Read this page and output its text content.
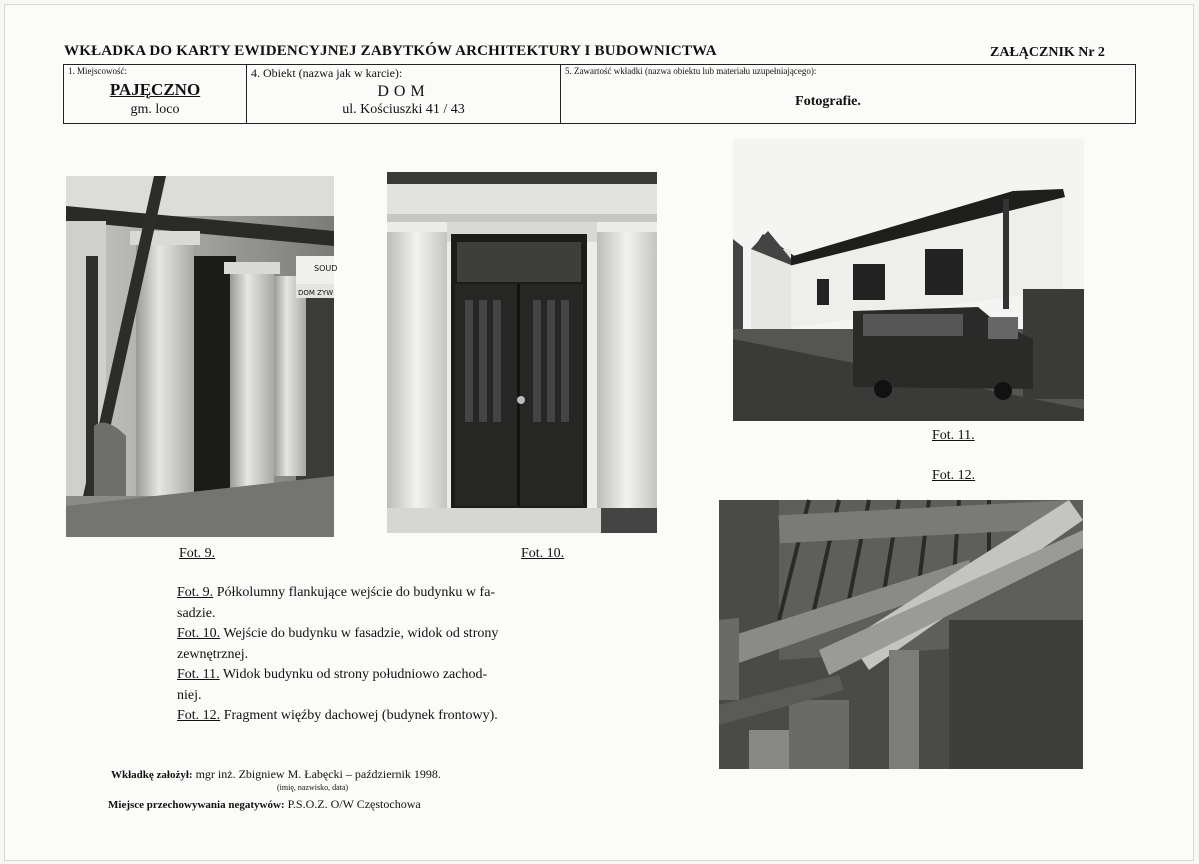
WKŁADKA DO KARTY EWIDENCYJNEJ ZABYTKÓW ARCHITEKTURY I BUDOWNICTWA	ZAŁĄCZNIK Nr 2
1. Miejscowość:
PAJĘCZNO
gm. loco

4. Obiekt (nazwa jak w karcie):
DOM
ul. Kościuszki 41 / 43

5. Zawartość wkładki (nazwa obiektu lub materiału uzupełniającego):
Fotografie.
SOUD
DOM ZYW
Fot. 9.	Fot. 10.
Fot. 11.
Fot. 12.

Fot. 9. Półkolumny flankujące wejście do budynku w fa-

sadzie.

Fot. 10. Wejście do budynku w fasadzie, widok od strony

zewnętrznej.

Fot. 11. Widok budynku od strony południowo zachod-

niej.

Fot. 12. Fragment więźby dachowej (budynek frontowy).

Wkładkę założył: mgr inż. Zbigniew M. Łabęcki – październik 1998.
(imię, nazwisko, data)
Miejsce przechowywania negatywów: P.S.O.Z. O/W Częstochowa
